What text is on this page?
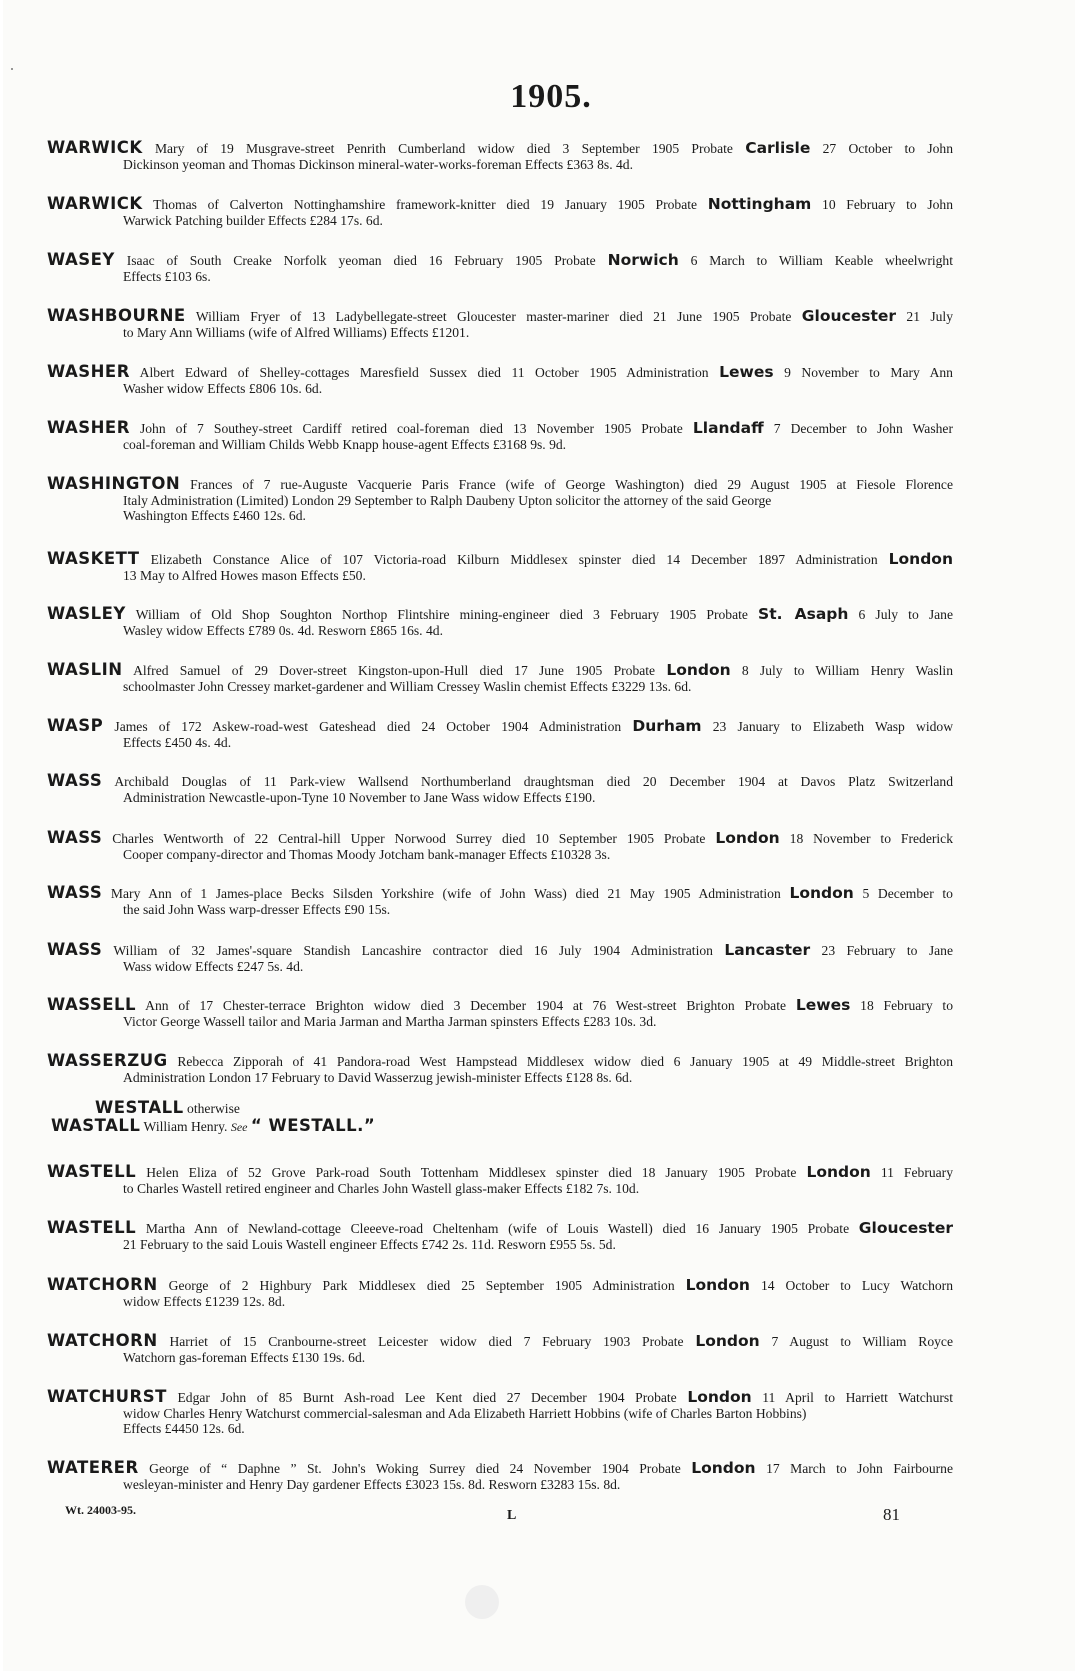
1905.
WARWICK Mary of 19 Musgrave-street Penrith Cumberland widow died 3 September 1905 Probate Carlisle 27 October to John
Dickinson yeoman and Thomas Dickinson mineral-water-works-foreman Effects £363 8s. 4d.
WARWICK Thomas of Calverton Nottinghamshire framework-knitter died 19 January 1905 Probate Nottingham 10 February to John
Warwick Patching builder Effects £284 17s. 6d.
WASEY Isaac of South Creake Norfolk yeoman died 16 February 1905 Probate Norwich 6 March to William Keable wheelwright
Effects £103 6s.
WASHBOURNE William Fryer of 13 Ladybellegate-street Gloucester master-mariner died 21 June 1905 Probate Gloucester 21 July
to Mary Ann Williams (wife of Alfred Williams) Effects £1201.
WASHER Albert Edward of Shelley-cottages Maresfield Sussex died 11 October 1905 Administration Lewes 9 November to Mary Ann
Washer widow Effects £806 10s. 6d.
WASHER John of 7 Southey-street Cardiff retired coal-foreman died 13 November 1905 Probate Llandaff 7 December to John Washer
coal-foreman and William Childs Webb Knapp house-agent Effects £3168 9s. 9d.
WASHINGTON Frances of 7 rue-Auguste Vacquerie Paris France (wife of George Washington) died 29 August 1905 at Fiesole Florence
Italy Administration (Limited) London 29 September to Ralph Daubeny Upton solicitor the attorney of the said George
Washington Effects £460 12s. 6d.
WASKETT Elizabeth Constance Alice of 107 Victoria-road Kilburn Middlesex spinster died 14 December 1897 Administration London
13 May to Alfred Howes mason Effects £50.
WASLEY William of Old Shop Soughton Northop Flintshire mining-engineer died 3 February 1905 Probate St. Asaph 6 July to Jane
Wasley widow Effects £789 0s. 4d. Resworn £865 16s. 4d.
WASLIN Alfred Samuel of 29 Dover-street Kingston-upon-Hull died 17 June 1905 Probate London 8 July to William Henry Waslin
schoolmaster John Cressey market-gardener and William Cressey Waslin chemist Effects £3229 13s. 6d.
WASP James of 172 Askew-road-west Gateshead died 24 October 1904 Administration Durham 23 January to Elizabeth Wasp widow
Effects £450 4s. 4d.
WASS Archibald Douglas of 11 Park-view Wallsend Northumberland draughtsman died 20 December 1904 at Davos Platz Switzerland
Administration Newcastle-upon-Tyne 10 November to Jane Wass widow Effects £190.
WASS Charles Wentworth of 22 Central-hill Upper Norwood Surrey died 10 September 1905 Probate London 18 November to Frederick
Cooper company-director and Thomas Moody Jotcham bank-manager Effects £10328 3s.
WASS Mary Ann of 1 James-place Becks Silsden Yorkshire (wife of John Wass) died 21 May 1905 Administration London 5 December to
the said John Wass warp-dresser Effects £90 15s.
WASS William of 32 James'-square Standish Lancashire contractor died 16 July 1904 Administration Lancaster 23 February to Jane
Wass widow Effects £247 5s. 4d.
WASSELL Ann of 17 Chester-terrace Brighton widow died 3 December 1904 at 76 West-street Brighton Probate Lewes 18 February to
Victor George Wassell tailor and Maria Jarman and Martha Jarman spinsters Effects £283 10s. 3d.
WASSERZUG Rebecca Zipporah of 41 Pandora-road West Hampstead Middlesex widow died 6 January 1905 at 49 Middle-street Brighton
Administration London 17 February to David Wasserzug jewish-minister Effects £128 8s. 6d.
WASTELL Helen Eliza of 52 Grove Park-road South Tottenham Middlesex spinster died 18 January 1905 Probate London 11 February
to Charles Wastell retired engineer and Charles John Wastell glass-maker Effects £182 7s. 10d.
WASTELL Martha Ann of Newland-cottage Cleeeve-road Cheltenham (wife of Louis Wastell) died 16 January 1905 Probate Gloucester
21 February to the said Louis Wastell engineer Effects £742 2s. 11d. Resworn £955 5s. 5d.
WATCHORN George of 2 Highbury Park Middlesex died 25 September 1905 Administration London 14 October to Lucy Watchorn
widow Effects £1239 12s. 8d.
WATCHORN Harriet of 15 Cranbourne-street Leicester widow died 7 February 1903 Probate London 7 August to William Royce
Watchorn gas-foreman Effects £130 19s. 6d.
WATCHURST Edgar John of 85 Burnt Ash-road Lee Kent died 27 December 1904 Probate London 11 April to Harriett Watchurst
widow Charles Henry Watchurst commercial-salesman and Ada Elizabeth Harriett Hobbins (wife of Charles Barton Hobbins)
Effects £4450 12s. 6d.
WATERER George of “ Daphne ” St. John's Woking Surrey died 24 November 1904 Probate London 17 March to John Fairbourne
wesleyan-minister and Henry Day gardener Effects £3023 15s. 8d. Resworn £3283 15s. 8d.
WESTALL otherwise
WASTALL William Henry. See “ WESTALL.”
Wt. 24003-95.	L	81
